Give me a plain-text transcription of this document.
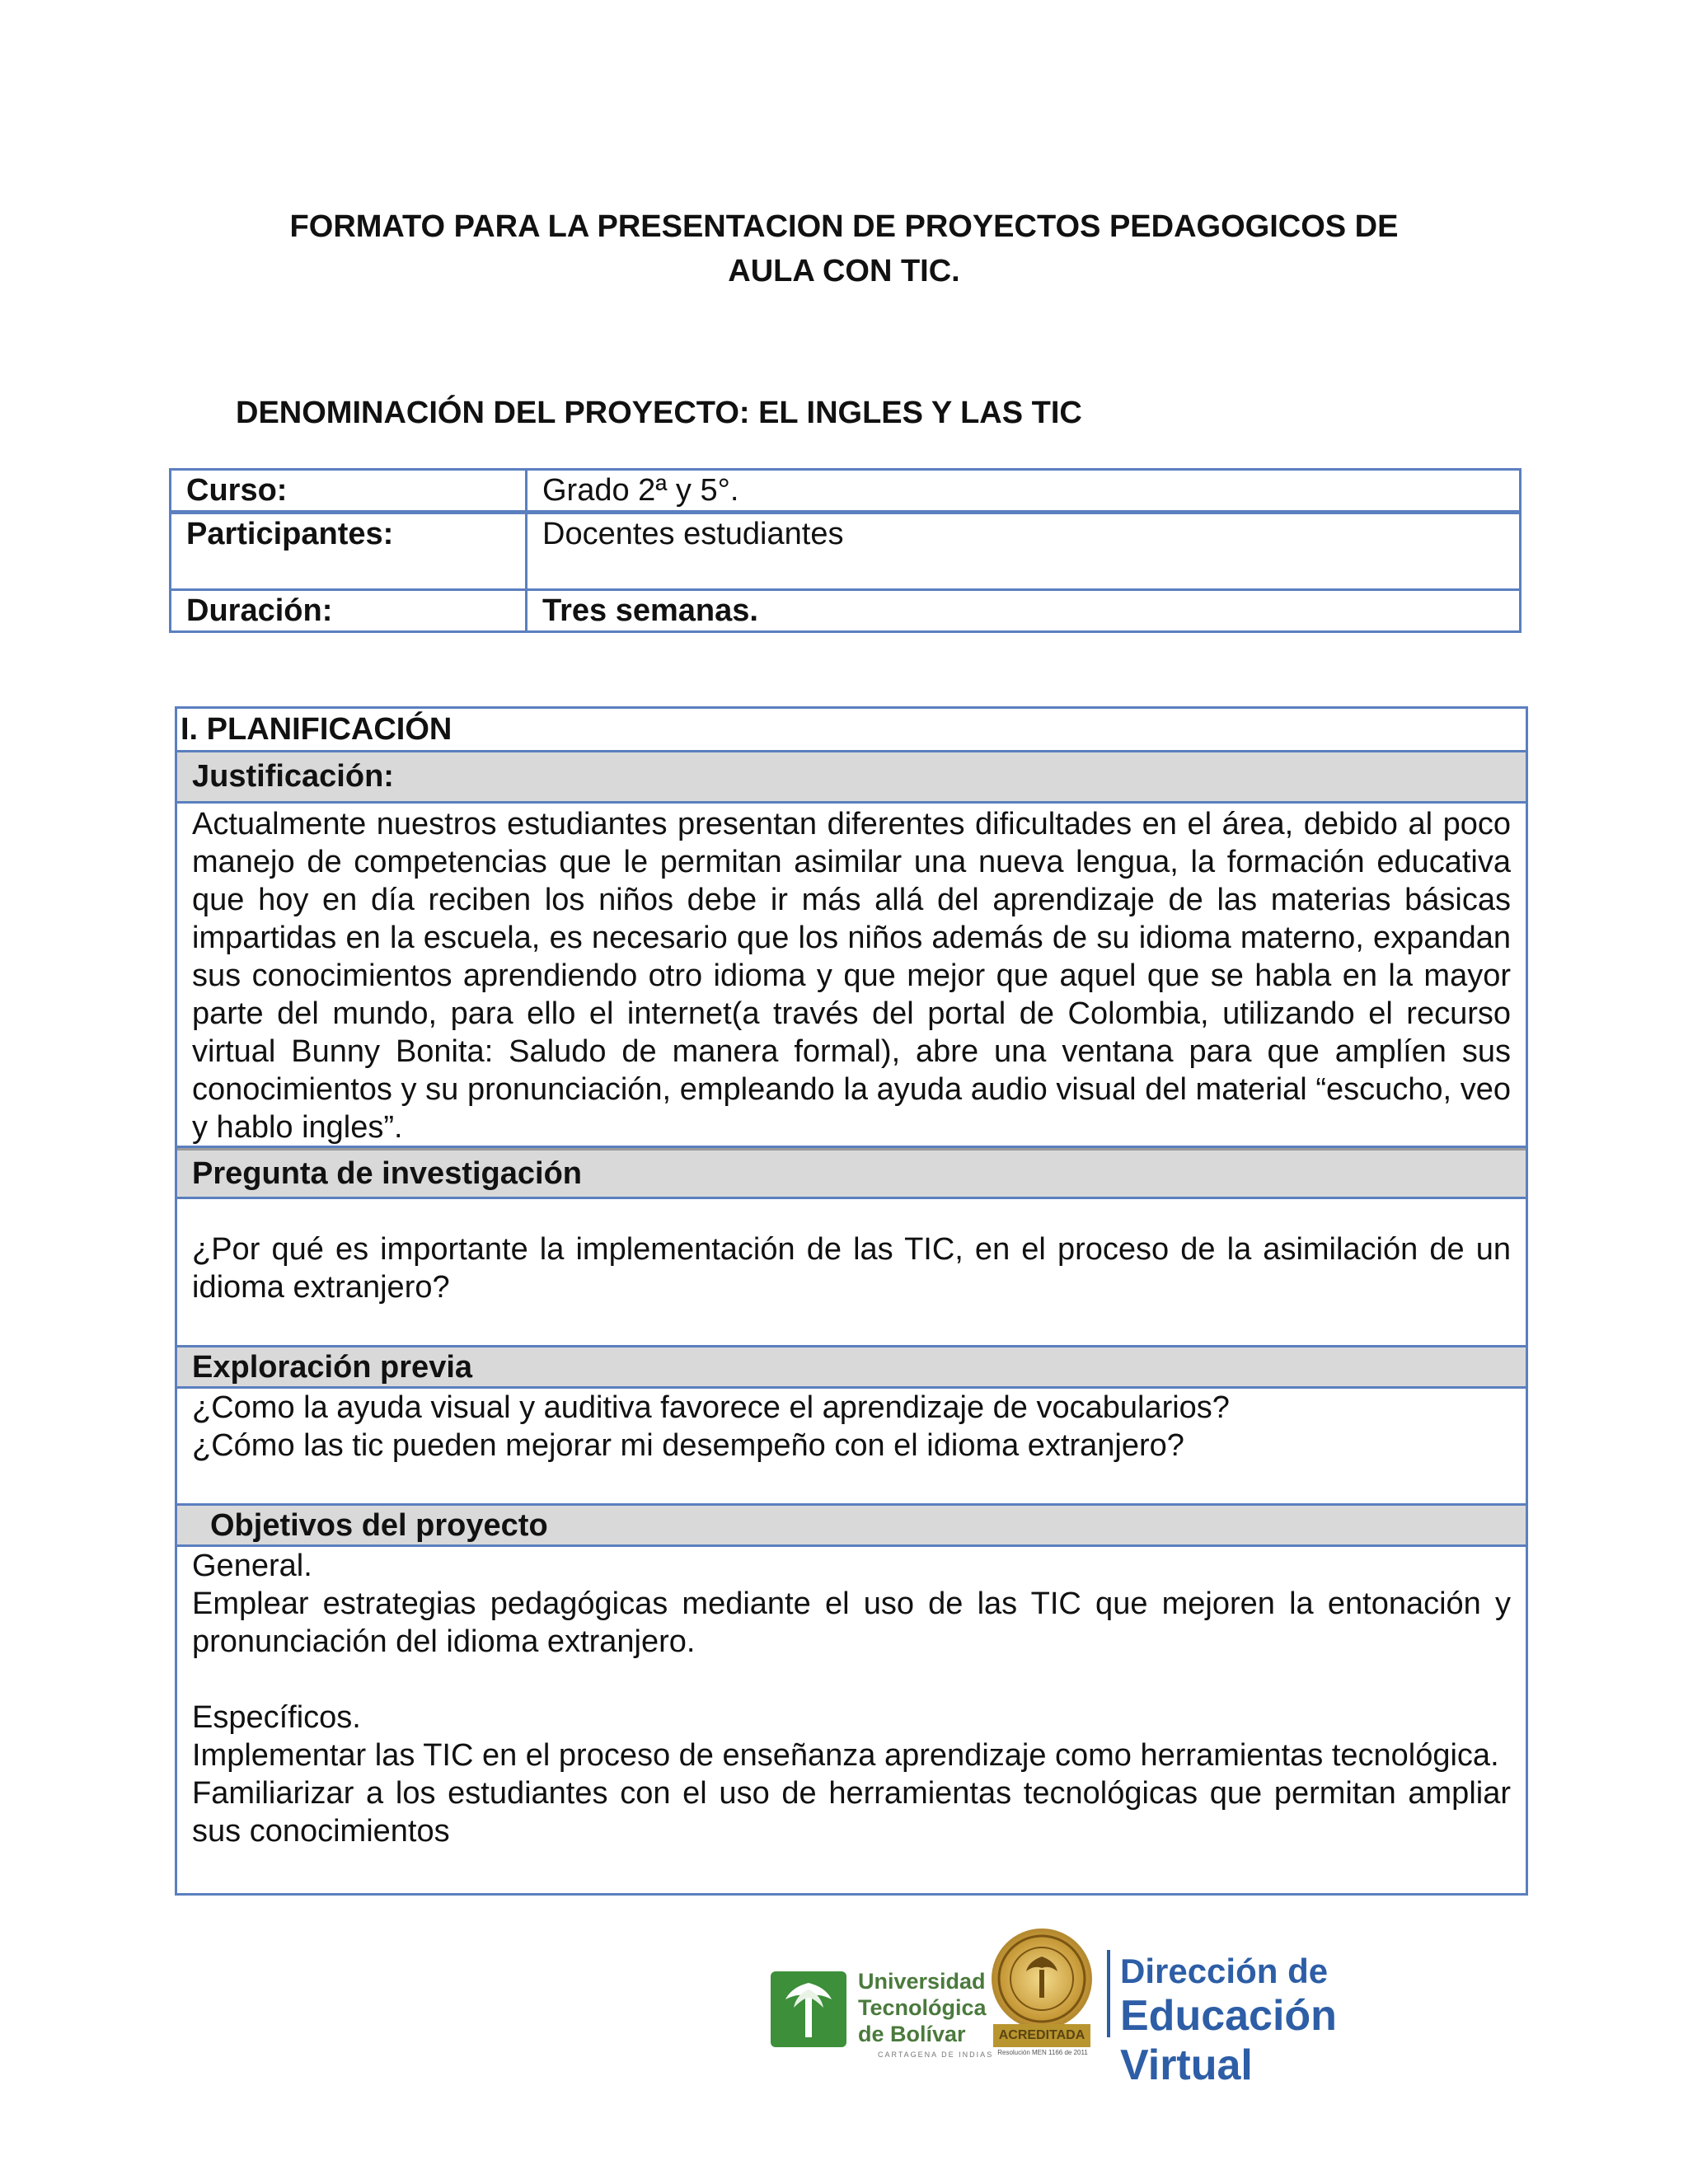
FORMATO PARA LA PRESENTACION DE PROYECTOS PEDAGOGICOS DE
AULA CON TIC.
DENOMINACIÓN DEL PROYECTO: EL INGLES Y LAS TIC
Curso:	Grado 2ª y 5°.
Participantes:	Docentes estudiantes
Duración:	Tres semanas.
I. PLANIFICACIÓN
Justificación:

Actualmente nuestros estudiantes presentan diferentes dificultades en el área, debido al poco manejo de competencias que le permitan asimilar una nueva lengua, la formación educativa que hoy en día reciben los niños debe ir más allá del aprendizaje de las materias básicas impartidas en la escuela, es necesario que los niños además de su idioma materno, expandan sus conocimientos aprendiendo otro idioma y que mejor que aquel que se habla en la mayor parte del mundo, para ello el internet(a través del portal de Colombia, utilizando el recurso virtual Bunny Bonita: Saludo de manera formal), abre una ventana para que amplíen sus conocimientos y su pronunciación, empleando la ayuda audio visual del material “escucho, veo y hablo ingles”.

Pregunta de investigación

¿Por qué es importante la implementación de las TIC, en el proceso de la asimilación de un idioma extranjero?

Exploración previa
¿Como la ayuda visual y auditiva favorece el aprendizaje de vocabularios?
¿Cómo las tic pueden mejorar mi desempeño con el idioma extranjero?
Objetivos del proyecto
General.

Emplear estrategias pedagógicas mediante el uso de las TIC que mejoren la entonación y pronunciación del idioma extranjero.

Específicos.

Implementar las TIC en el proceso de enseñanza aprendizaje como herramientas tecnológica.

Familiarizar a los estudiantes con el uso de herramientas tecnológicas que permitan ampliar sus conocimientos

Universidad
Tecnológica
de Bolívar
CARTAGENA DE INDIAS
ACREDITADA
Resolución MEN 1166 de 2011
Dirección de
Educación Virtual
